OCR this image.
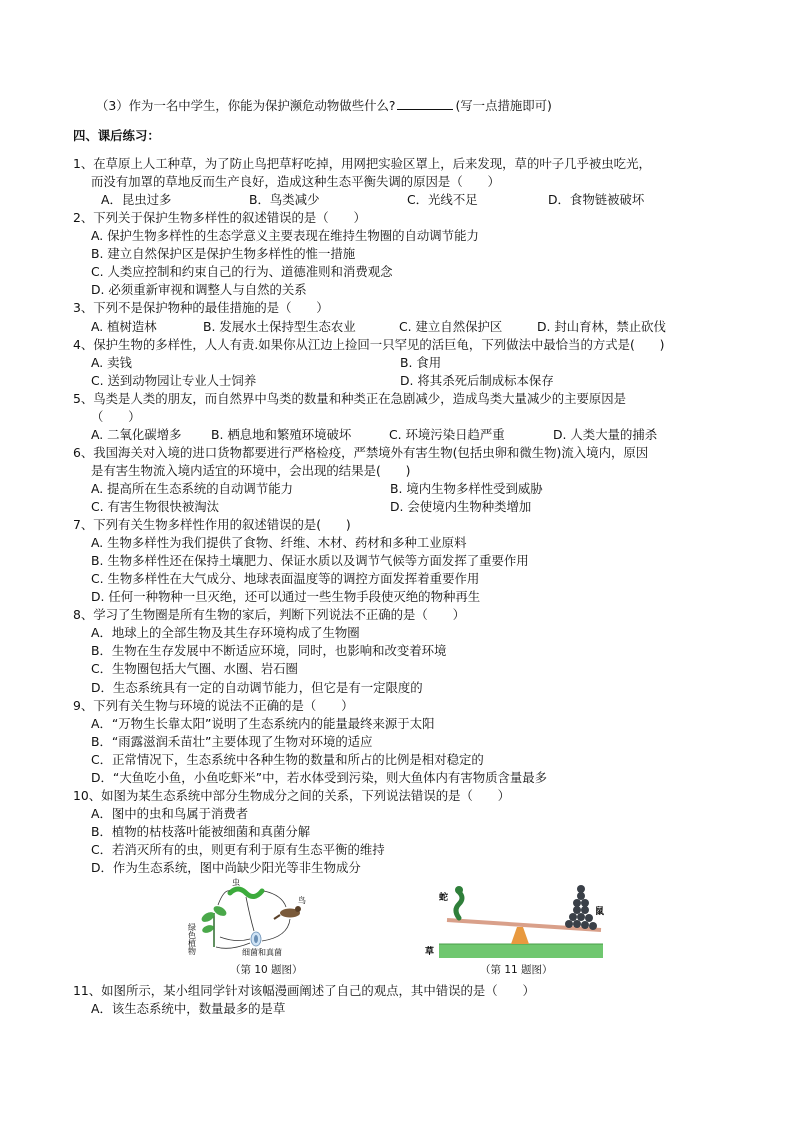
（3）作为一名中学生，你能为保护濒危动物做些什么?	(写一点措施即可)
四、课后练习：
1、在草原上人工种草，为了防止鸟把草籽吃掉，用网把实验区罩上，后来发现，草的叶子几乎被虫吃光，
而没有加罩的草地反而生产良好，造成这种生态平衡失调的原因是（　　）
A．昆虫过多	B．鸟类减少	C．光线不足	D．食物链被破坏
2、下列关于保护生物多样性的叙述错误的是（　　）
A. 保护生物多样性的生态学意义主要表现在维持生物圈的自动调节能力
B. 建立自然保护区是保护生物多样性的惟一措施
C. 人类应控制和约束自己的行为、道德准则和消费观念
D. 必须重新审视和调整人与自然的关系
3、下列不是保护物种的最佳措施的是（　　）
A. 植树造林	B. 发展水土保持型生态农业	C. 建立自然保护区	D. 封山育林，禁止砍伐
4、保护生物的多样性，人人有责.如果你从江边上捡回一只罕见的活巨龟，下列做法中最恰当的方式是(　　)
A. 卖钱	B. 食用
C. 送到动物园让专业人士饲养	D. 将其杀死后制成标本保存
5、鸟类是人类的朋友，而自然界中鸟类的数量和种类正在急剧减少，造成鸟类大量减少的主要原因是
（　　）
A. 二氧化碳增多 B. 栖息地和繁殖环境破坏	C. 环境污染日趋严重	D. 人类大量的捕杀
6、我国海关对入境的进口货物都要进行严格检疫，严禁境外有害生物(包括虫卵和微生物)流入境内，原因
是有害生物流入境内适宜的环境中，会出现的结果是(　　)
A. 提高所在生态系统的自动调节能力	B. 境内生物多样性受到威胁
C. 有害生物很快被淘汰	D. 会使境内生物种类增加
7、下列有关生物多样性作用的叙述错误的是(　　)
A. 生物多样性为我们提供了食物、纤维、木材、药材和多种工业原料
B. 生物多样性还在保持土壤肥力、保证水质以及调节气候等方面发挥了重要作用
C. 生物多样性在大气成分、地球表面温度等的调控方面发挥着重要作用
D. 任何一种物种一旦灭绝，还可以通过一些生物手段使灭绝的物种再生
8、学习了生物圈是所有生物的家后，判断下列说法不正确的是（　　）
A．地球上的全部生物及其生存环境构成了生物圈
B．生物在生存发展中不断适应环境，同时，也影响和改变着环境
C．生物圈包括大气圈、水圈、岩石圈
D．生态系统具有一定的自动调节能力，但它是有一定限度的
9、下列有关生物与环境的说法不正确的是（　　）
A．“万物生长靠太阳”说明了生态系统内的能量最终来源于太阳
B．“雨露滋润禾苗壮”主要体现了生物对环境的适应
C．正常情况下，生态系统中各种生物的数量和所占的比例是相对稳定的
D．“大鱼吃小鱼，小鱼吃虾米”中，若水体受到污染，则大鱼体内有害物质含量最多
10、如图为某生态系统中部分生物成分之间的关系，下列说法错误的是（　　）
A．图中的虫和鸟属于消费者
B．植物的枯枝落叶能被细菌和真菌分解
C．若消灭所有的虫，则更有利于原有生态平衡的维持
D．作为生态系统，图中尚缺少阳光等非生物成分
绿色植物
虫
鸟
细菌和真菌
（第 10 题图）
蛇
鼠
草
（第 11 题图）
11、如图所示，某小组同学针对该幅漫画阐述了自己的观点，其中错误的是（　　）
A．该生态系统中，数量最多的是草
